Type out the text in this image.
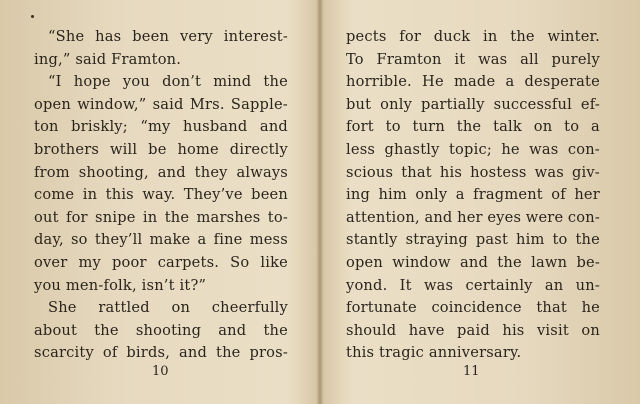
“She has been very interest-
ing,” said Framton.
“I hope you don’t mind the
open window,” said Mrs. Sapple-
ton briskly; “my husband and
brothers will be home directly
from shooting, and they always
come in this way. They’ve been
out for snipe in the marshes to-
day, so they’ll make a fine mess
over my poor carpets. So like
you men-folk, isn’t it?”
She rattled on cheerfully
about the shooting and the
scarcity of birds, and the pros-
10
pects for duck in the winter.
To Framton it was all purely
horrible. He made a desperate
but only partially successful ef-
fort to turn the talk on to a
less ghastly topic; he was con-
scious that his hostess was giv-
ing him only a fragment of her
attention, and her eyes were con-
stantly straying past him to the
open window and the lawn be-
yond. It was certainly an un-
fortunate coincidence that he
should have paid his visit on
this tragic anniversary.
11
